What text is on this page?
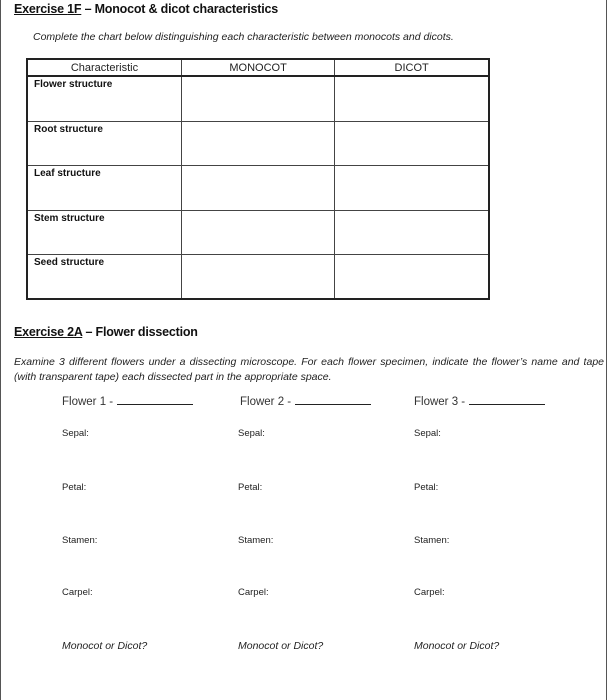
Exercise 1F – Monocot & dicot characteristics
Complete the chart below distinguishing each characteristic between monocots and dicots.
Characteristic	MONOCOT	DICOT
Flower structure		
Root structure		
Leaf structure		
Stem structure		
Seed structure		
Exercise 2A – Flower dissection
Examine 3 different flowers under a dissecting microscope. For each flower specimen, indicate the flower’s name and tape (with transparent tape) each dissected part in the appropriate space.
Flower 1 -
Sepal:
Petal:
Stamen:
Carpel:
Monocot or Dicot?
Flower 2 -
Sepal:
Petal:
Stamen:
Carpel:
Monocot or Dicot?
Flower 3 -
Sepal:
Petal:
Stamen:
Carpel:
Monocot or Dicot?
